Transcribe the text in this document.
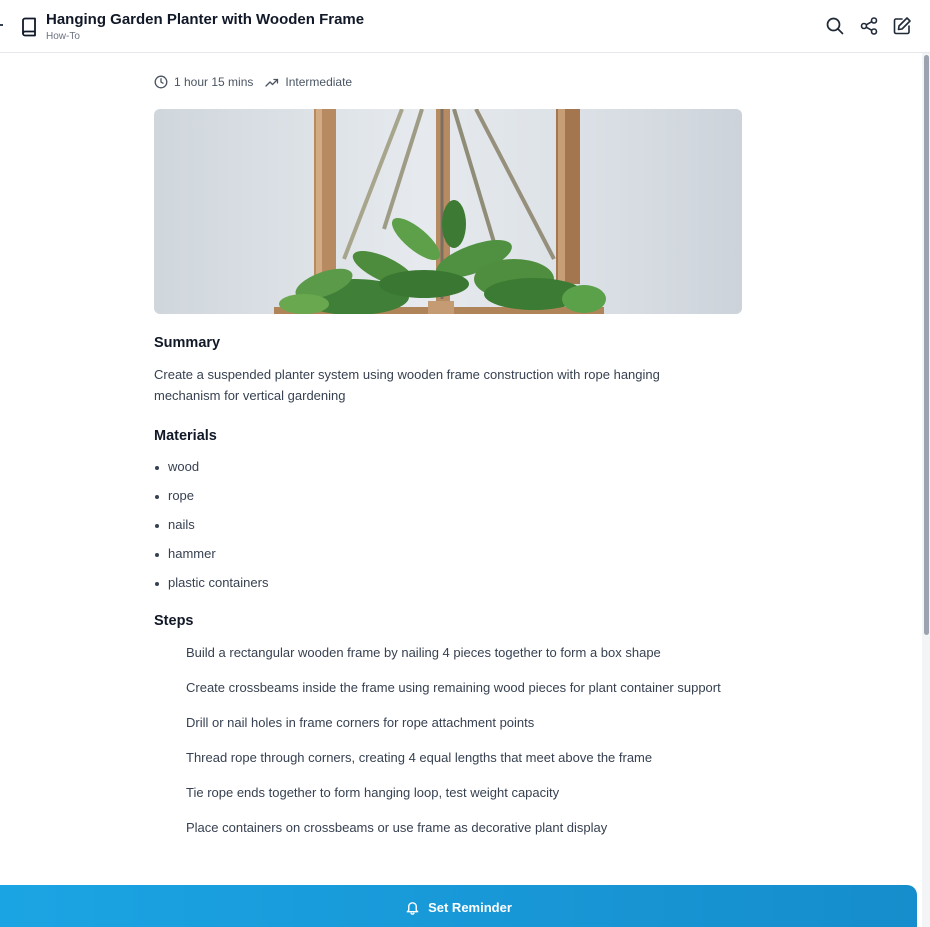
Hanging Garden Planter with Wooden Frame
How-To
1 hour 15 mins	Intermediate
Summary
Create a suspended planter system using wooden frame construction with rope hanging mechanism for vertical gardening
Materials
wood
rope
nails
hammer
plastic containers
Steps
Build a rectangular wooden frame by nailing 4 pieces together to form a box shape
Create crossbeams inside the frame using remaining wood pieces for plant container support
Drill or nail holes in frame corners for rope attachment points
Thread rope through corners, creating 4 equal lengths that meet above the frame
Tie rope ends together to form hanging loop, test weight capacity
Place containers on crossbeams or use frame as decorative plant display
Set Reminder
